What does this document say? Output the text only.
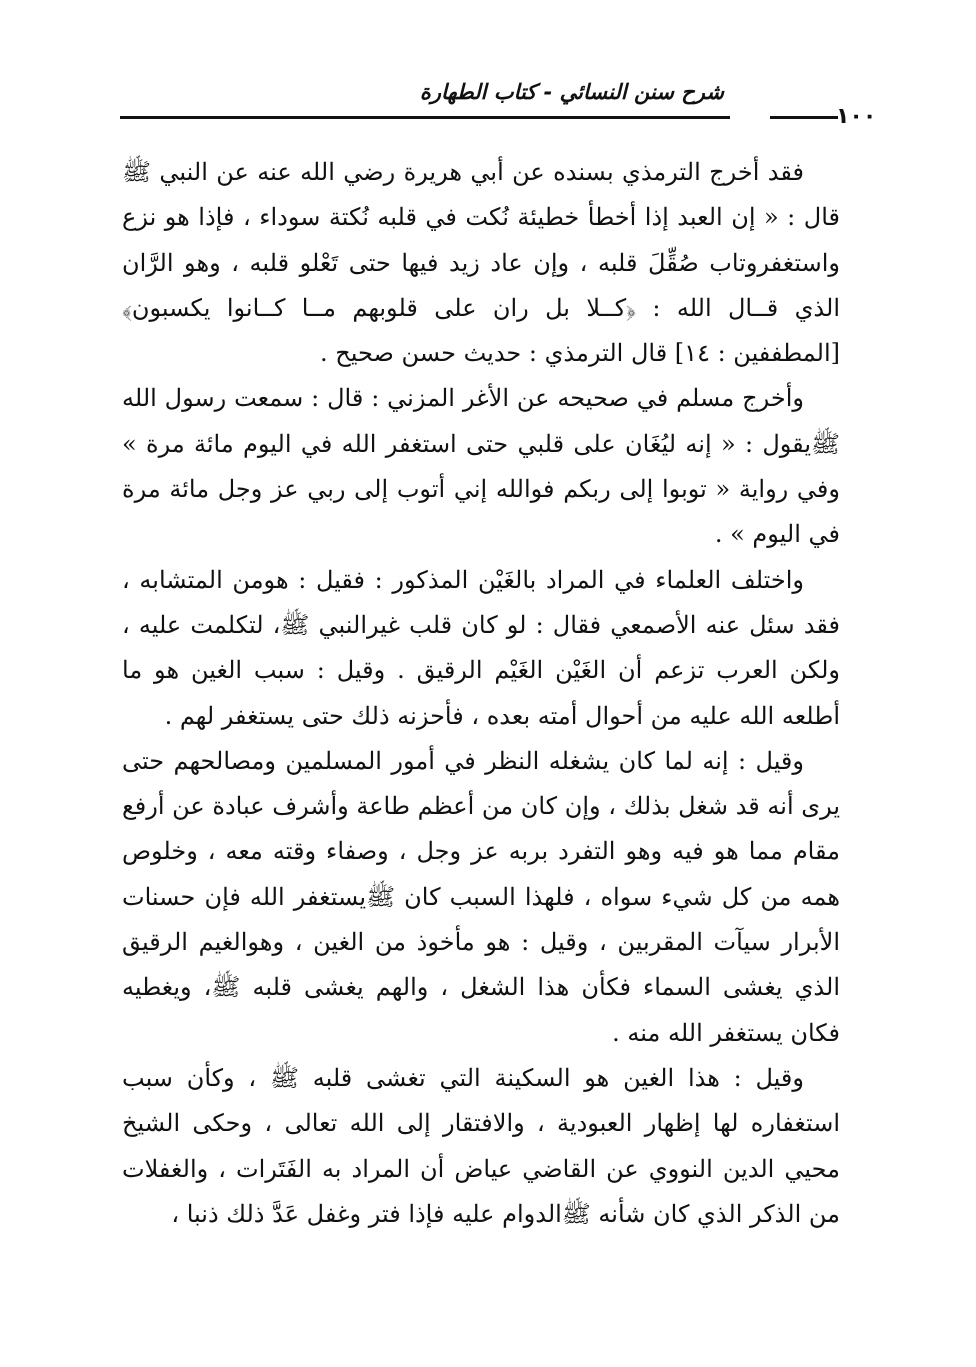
شرح سنن النسائي - كتاب الطهارة
١٠٠

فقد أخرج الترمذي بسنده عن أبي هريرة رضي الله عنه عن النبي ﷺ قال : « إن العبد إذا أخطأ خطيئة نُكت في قلبه نُكتة سوداء ، فإذا هو نزع واستغفروتاب صُقِّلَ قلبه ، وإن عاد زيد فيها حتى تَعْلو قلبه ، وهو الرَّان الذي قــال الله : ﴿كــلا بل ران على قلوبهم مــا كــانوا يكسبون﴾[المطففين : ١٤] قال الترمذي : حديث حسن صحيح .

وأخرج مسلم في صحيحه عن الأغر المزني : قال : سمعت رسول الله ﷺيقول : « إنه ليُغَان على قلبي حتى استغفر الله في اليوم مائة مرة » وفي رواية « توبوا إلى ربكم فوالله إني أتوب إلى ربي عز وجل مائة مرة في اليوم » .

واختلف العلماء في المراد بالغَيْن المذكور : فقيل : هومن المتشابه ، فقد سئل عنه الأصمعي فقال : لو كان قلب غيرالنبي ﷺ، لتكلمت عليه ، ولكن العرب تزعم أن الغَيْن الغَيْم الرقيق . وقيل : سبب الغين هو ما أطلعه الله عليه من أحوال أمته بعده ، فأحزنه ذلك حتى يستغفر لهم .

وقيل : إنه لما كان يشغله النظر في أمور المسلمين ومصالحهم حتى يرى أنه قد شغل بذلك ، وإن كان من أعظم طاعة وأشرف عبادة عن أرفع مقام مما هو فيه وهو التفرد بربه عز وجل ، وصفاء وقته معه ، وخلوص همه من كل شيء سواه ، فلهذا السبب كان ﷺيستغفر الله فإن حسنات الأبرار سيآت المقربين ، وقيل : هو مأخوذ من الغين ، وهوالغيم الرقيق الذي يغشى السماء فكأن هذا الشغل ، والهم يغشى قلبه ﷺ، ويغطيه فكان يستغفر الله منه .

وقيل : هذا الغين هو السكينة التي تغشى قلبه ﷺ ، وكأن سبب استغفاره لها إظهار العبودية ، والافتقار إلى الله تعالى ، وحكى الشيخ محيي الدين النووي عن القاضي عياض أن المراد به الفَتَرات ، والغفلات من الذكر الذي كان شأنه ﷺالدوام عليه فإذا فتر وغفل عَدَّ ذلك ذنبا ،
